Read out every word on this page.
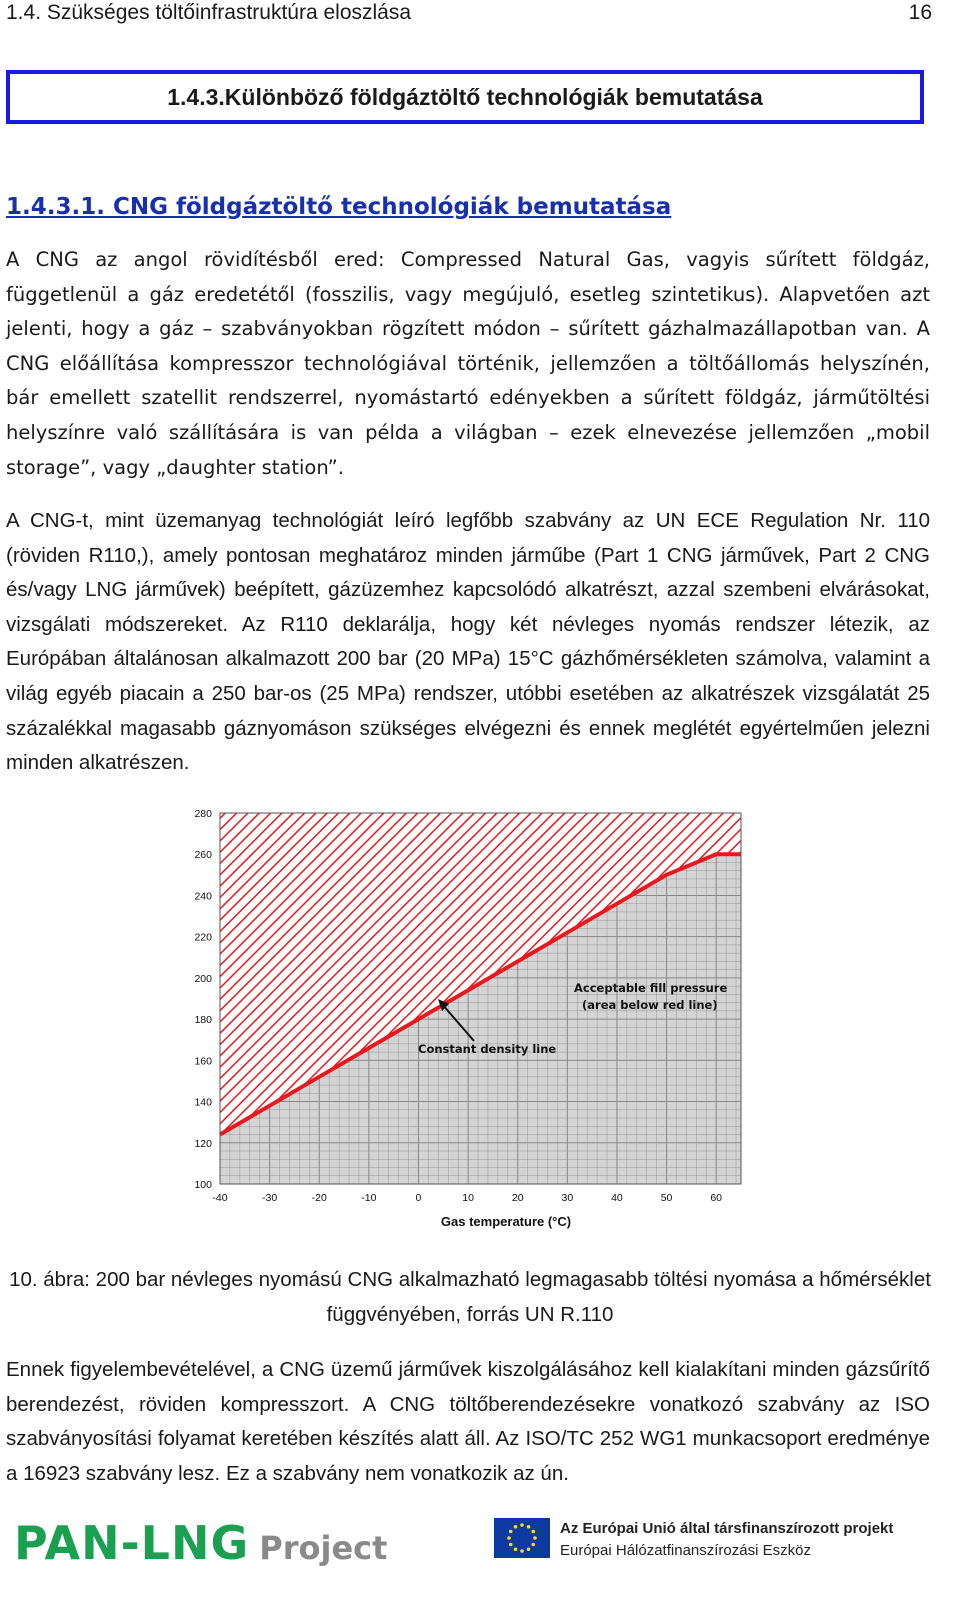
1.4. Szükséges töltőinfrastruktúra eloszlása	16
1.4.3.Különböző földgáztöltő technológiák bemutatása
1.4.3.1. CNG földgáztöltő technológiák bemutatása

A CNG az angol rövidítésből ered: Compressed Natural Gas, vagyis sűrített földgáz, függetlenül a gáz eredetétől (fosszilis, vagy megújuló, esetleg szintetikus). Alapvetően azt jelenti, hogy a gáz – szabványokban rögzített módon – sűrített gázhalmazállapotban van. A CNG előállítása kompresszor technológiával történik, jellemzően a töltőállomás helyszínén, bár emellett szatellit rendszerrel, nyomástartó edényekben a sűrített földgáz, járműtöltési helyszínre való szállítására is van példa a világban – ezek elnevezése jellemzően „mobil storage”, vagy „daughter station”.

A CNG-t, mint üzemanyag technológiát leíró legfőbb szabvány az UN ECE Regulation Nr. 110 (röviden R110,), amely pontosan meghatároz minden járműbe (Part 1 CNG járművek, Part 2 CNG és/vagy LNG járművek) beépített, gázüzemhez kapcsolódó alkatrészt, azzal szembeni elvárásokat, vizsgálati módszereket. Az R110 deklarálja, hogy két névleges nyomás rendszer létezik, az Európában általánosan alkalmazott 200 bar (20 MPa) 15°C gázhőmérsékleten számolva, valamint a világ egyéb piacain a 250 bar-os (25 MPa) rendszer, utóbbi esetében az alkatrészek vizsgálatát 25 százalékkal magasabb gáznyomáson szükséges elvégezni és ennek meglétét egyértelműen jelezni minden alkatrészen.

100
120
140
160
180
200
220
240
260
280
-40	-30	-20	-10	0	10	20	30	40	50	60
Acceptable fill pressure
(area below red line)
Constant density line
Gas temperature (°C)
10. ábra: 200 bar névleges nyomású CNG alkalmazható legmagasabb töltési nyomása a hőmérséklet függvényében, forrás UN R.110

Ennek figyelembevételével, a CNG üzemű járművek kiszolgálásához kell kialakítani minden gázsűrítő berendezést, röviden kompresszort. A CNG töltőberendezésekre vonatkozó szabvány az ISO szabványosítási folyamat keretében készítés alatt áll. Az ISO/TC 252 WG1 munkacsoport eredménye a 16923 szabvány lesz. Ez a szabvány nem vonatkozik az ún.

PAN-LNG Project
Az Európai Unió által társfinanszírozott projekt
Európai Hálózatfinanszírozási Eszköz
